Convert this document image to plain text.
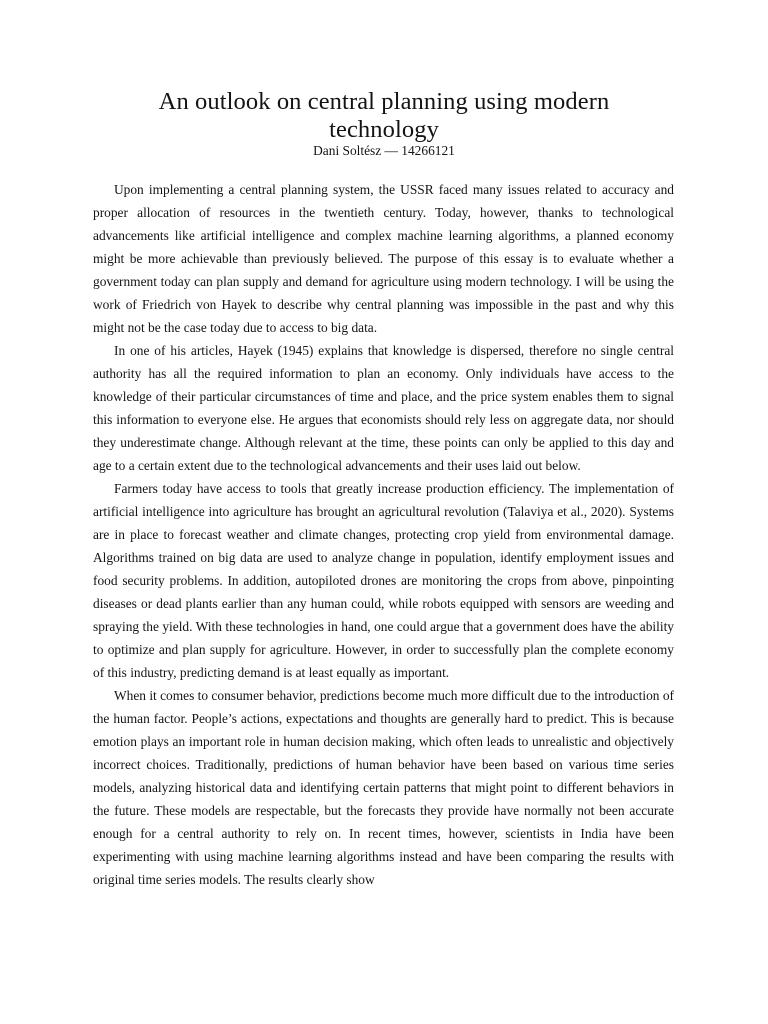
An outlook on central planning using modern
technology

Dani Soltész — 14266121

Upon implementing a central planning system, the USSR faced many issues related to accuracy and proper allocation of resources in the twentieth century. Today, however, thanks to technological advancements like artificial intelligence and complex machine learning algorithms, a planned economy might be more achievable than previously believed. The purpose of this essay is to evaluate whether a government today can plan supply and demand for agriculture using modern technology. I will be using the work of Friedrich von Hayek to describe why central planning was impossible in the past and why this might not be the case today due to access to big data.

In one of his articles, Hayek (1945) explains that knowledge is dispersed, therefore no single central authority has all the required information to plan an economy. Only individuals have access to the knowledge of their particular circumstances of time and place, and the price system enables them to signal this information to everyone else. He argues that economists should rely less on aggregate data, nor should they underestimate change. Although relevant at the time, these points can only be applied to this day and age to a certain extent due to the technological advancements and their uses laid out below.

Farmers today have access to tools that greatly increase production efficiency. The implementation of artificial intelligence into agriculture has brought an agricultural revolution (Talaviya et al., 2020). Systems are in place to forecast weather and climate changes, protecting crop yield from environmental damage. Algorithms trained on big data are used to analyze change in population, identify employment issues and food security problems. In addition, autopiloted drones are monitoring the crops from above, pinpointing diseases or dead plants earlier than any human could, while robots equipped with sensors are weeding and spraying the yield. With these technologies in hand, one could argue that a government does have the ability to optimize and plan supply for agriculture. However, in order to successfully plan the complete economy of this industry, predicting demand is at least equally as important.

When it comes to consumer behavior, predictions become much more difficult due to the introduction of the human factor. People’s actions, expectations and thoughts are generally hard to predict. This is because emotion plays an important role in human decision making, which often leads to unrealistic and objectively incorrect choices. Traditionally, predictions of human behavior have been based on various time series models, analyzing historical data and identifying certain patterns that might point to different behaviors in the future. These models are respectable, but the forecasts they provide have normally not been accurate enough for a central authority to rely on. In recent times, however, scientists in India have been experimenting with using machine learning algorithms instead and have been comparing the results with original time series models. The results clearly show
